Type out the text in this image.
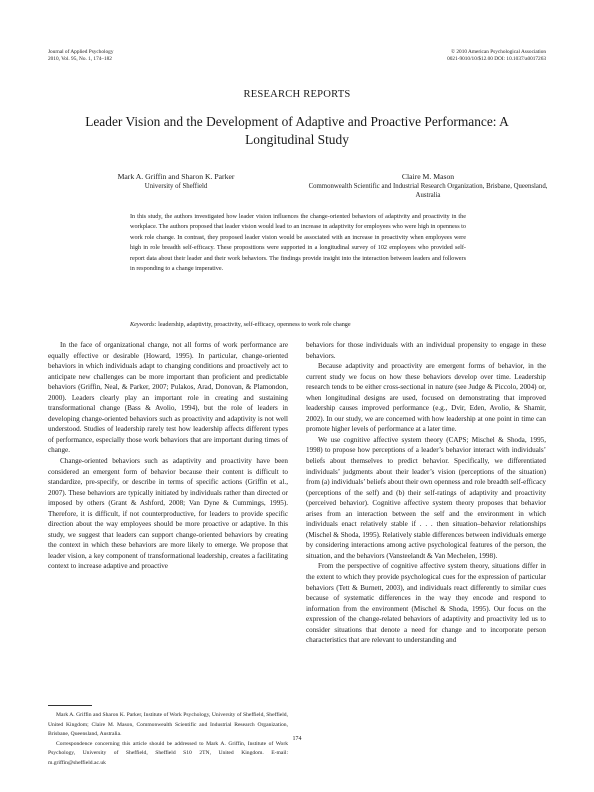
Journal of Applied Psychology
2010, Vol. 95, No. 1, 174–182
© 2010 American Psychological Association
0021-9010/10/$12.00 DOI: 10.1037/a0017263
RESEARCH REPORTS
Leader Vision and the Development of Adaptive and Proactive Performance: A Longitudinal Study
Mark A. Griffin and Sharon K. Parker
University of Sheffield
Claire M. Mason
Commonwealth Scientific and Industrial Research Organization, Brisbane, Queensland, Australia
In this study, the authors investigated how leader vision influences the change-oriented behaviors of adaptivity and proactivity in the workplace. The authors proposed that leader vision would lead to an increase in adaptivity for employees who were high in openness to work role change. In contrast, they proposed leader vision would be associated with an increase in proactivity when employees were high in role breadth self-efficacy. These propositions were supported in a longitudinal survey of 102 employees who provided self-report data about their leader and their work behaviors. The findings provide insight into the interaction between leaders and followers in responding to a change imperative.
Keywords: leadership, adaptivity, proactivity, self-efficacy, openness to work role change

In the face of organizational change, not all forms of work performance are equally effective or desirable (Howard, 1995). In particular, change-oriented behaviors in which individuals adapt to changing conditions and proactively act to anticipate new challenges can be more important than proficient and predictable behaviors (Griffin, Neal, & Parker, 2007; Pulakos, Arad, Donovan, & Plamondon, 2000). Leaders clearly play an important role in creating and sustaining transformational change (Bass & Avolio, 1994), but the role of leaders in developing change-oriented behaviors such as proactivity and adaptivity is not well understood. Studies of leadership rarely test how leadership affects different types of performance, especially those work behaviors that are important during times of change.

Change-oriented behaviors such as adaptivity and proactivity have been considered an emergent form of behavior because their content is difficult to standardize, pre-specify, or describe in terms of specific actions (Griffin et al., 2007). These behaviors are typically initiated by individuals rather than directed or imposed by others (Grant & Ashford, 2008; Van Dyne & Cummings, 1995). Therefore, it is difficult, if not counterproductive, for leaders to provide specific direction about the way employees should be more proactive or adaptive. In this study, we suggest that leaders can support change-oriented behaviors by creating the context in which these behaviors are more likely to emerge. We propose that leader vision, a key component of transformational leadership, creates a facilitating context to increase adaptive and proactive

behaviors for those individuals with an individual propensity to engage in these behaviors.

Because adaptivity and proactivity are emergent forms of behavior, in the current study we focus on how these behaviors develop over time. Leadership research tends to be either cross-sectional in nature (see Judge & Piccolo, 2004) or, when longitudinal designs are used, focused on demonstrating that improved leadership causes improved performance (e.g., Dvir, Eden, Avolio, & Shamir, 2002). In our study, we are concerned with how leadership at one point in time can promote higher levels of performance at a later time.

We use cognitive affective system theory (CAPS; Mischel & Shoda, 1995, 1998) to propose how perceptions of a leader’s behavior interact with individuals’ beliefs about themselves to predict behavior. Specifically, we differentiated individuals’ judgments about their leader’s vision (perceptions of the situation) from (a) individuals’ beliefs about their own openness and role breadth self-efficacy (perceptions of the self) and (b) their self-ratings of adaptivity and proactivity (perceived behavior). Cognitive affective system theory proposes that behavior arises from an interaction between the self and the environment in which individuals enact relatively stable if . . . then situation–behavior relationships (Mischel & Shoda, 1995). Relatively stable differences between individuals emerge by considering interactions among active psychological features of the person, the situation, and the behaviors (Vansteelandt & Van Mechelen, 1998).

From the perspective of cognitive affective system theory, situations differ in the extent to which they provide psychological cues for the expression of particular behaviors (Tett & Burnett, 2003), and individuals react differently to similar cues because of systematic differences in the way they encode and respond to information from the environment (Mischel & Shoda, 1995). Our focus on the expression of the change-related behaviors of adaptivity and proactivity led us to consider situations that denote a need for change and to incorporate person characteristics that are relevant to understanding and

Mark A. Griffin and Sharon K. Parker, Institute of Work Psychology, University of Sheffield, Sheffield, United Kingdom; Claire M. Mason, Commonwealth Scientific and Industrial Research Organization, Brisbane, Queensland, Australia.

Correspondence concerning this article should be addressed to Mark A. Griffin, Institute of Work Psychology, University of Sheffield, Sheffield S10 2TN, United Kingdom. E-mail: m.griffin@sheffield.ac.uk

174
